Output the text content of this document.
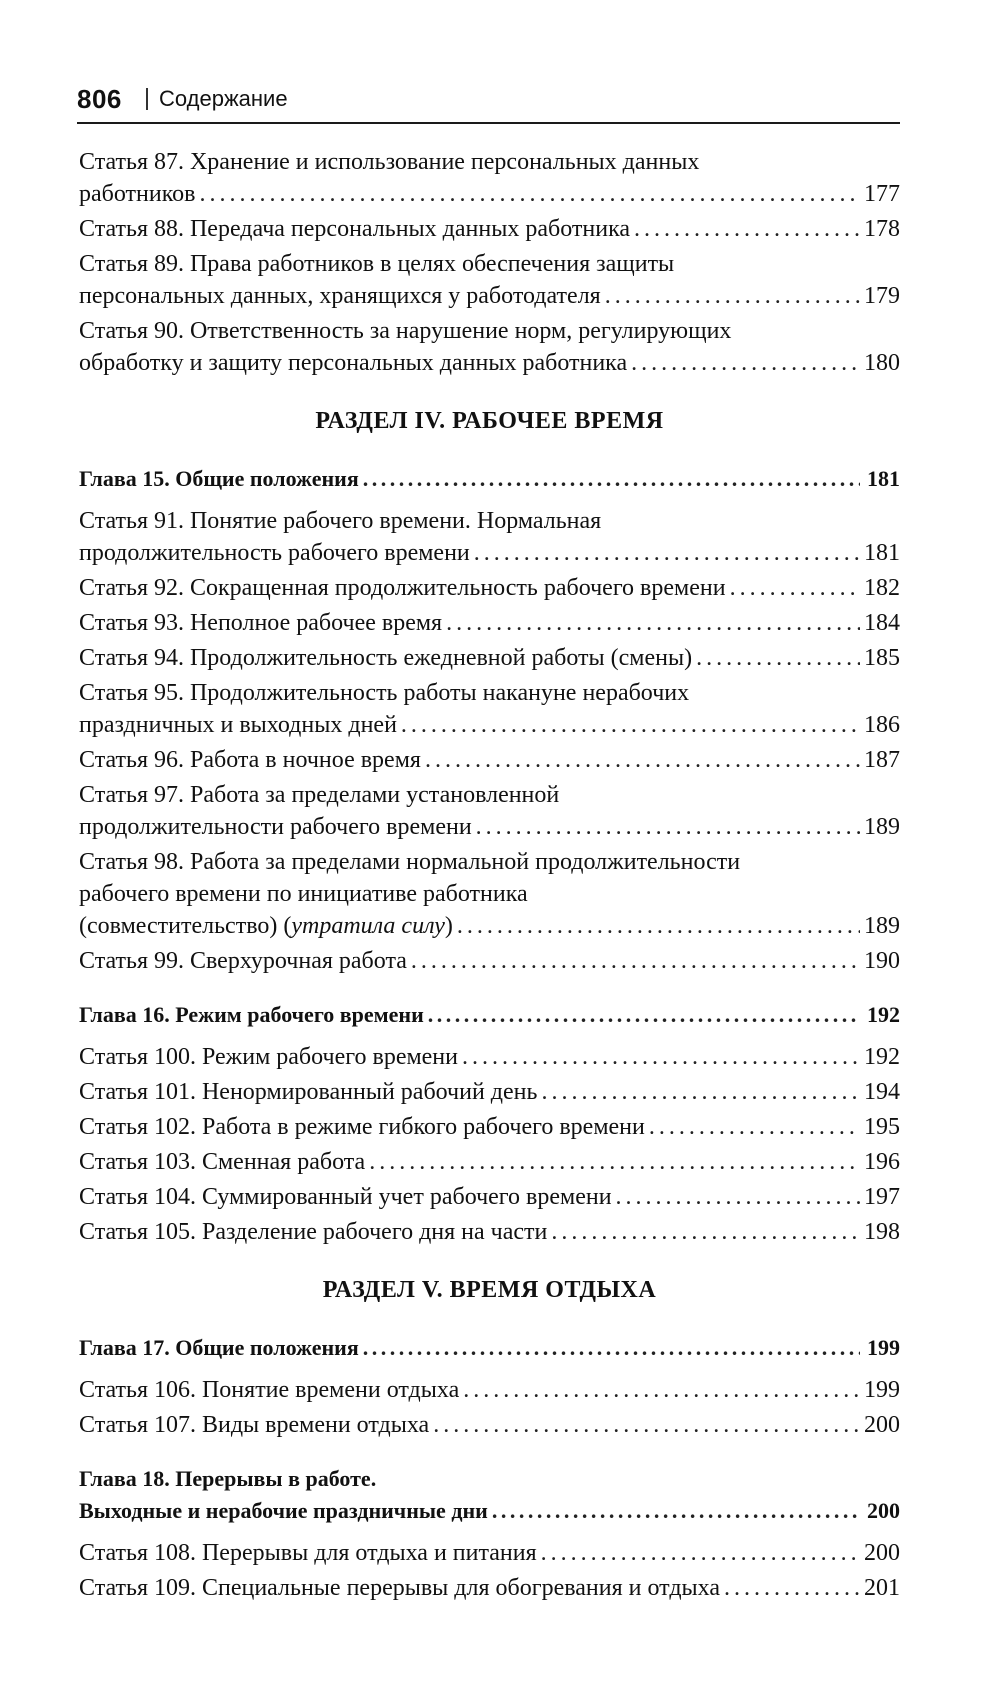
806 Содержание
Статья 87. Хранение и использование персональных данных
работников . . .	177
Статья 88. Передача персональных данных работника . . .	178
Статья 89. Права работников в целях обеспечения защиты
персональных данных, хранящихся у работодателя . . .	179
Статья 90. Ответственность за нарушение норм, регулирующих
обработку и защиту персональных данных работника . . .	180
РАЗДЕЛ IV. РАБОЧЕЕ ВРЕМЯ
Глава 15. Общие положения . . .	181
Статья 91. Понятие рабочего времени. Нормальная
продолжительность рабочего времени . . .	181
Статья 92. Сокращенная продолжительность рабочего времени . . .	182
Статья 93. Неполное рабочее время . . .	184
Статья 94. Продолжительность ежедневной работы (смены) . . .	185
Статья 95. Продолжительность работы накануне нерабочих
праздничных и выходных дней . . .	186
Статья 96. Работа в ночное время . . .	187
Статья 97. Работа за пределами установленной
продолжительности рабочего времени . . .	189
Статья 98. Работа за пределами нормальной продолжительности
рабочего времени по инициативе работника
(совместительство) (утратила силу) . . .	189
Статья 99. Сверхурочная работа . . .	190
Глава 16. Режим рабочего времени . . .	192
Статья 100. Режим рабочего времени . . .	192
Статья 101. Ненормированный рабочий день . . .	194
Статья 102. Работа в режиме гибкого рабочего времени . . .	195
Статья 103. Сменная работа . . .	196
Статья 104. Суммированный учет рабочего времени . . .	197
Статья 105. Разделение рабочего дня на части . . .	198
РАЗДЕЛ V. ВРЕМЯ ОТДЫХА
Глава 17. Общие положения . . .	199
Статья 106. Понятие времени отдыха . . .	199
Статья 107. Виды времени отдыха . . .	200
Глава 18. Перерывы в работе.
Выходные и нерабочие праздничные дни . . .	200
Статья 108. Перерывы для отдыха и питания . . .	200
Статья 109. Специальные перерывы для обогревания и отдыха . . .	201
